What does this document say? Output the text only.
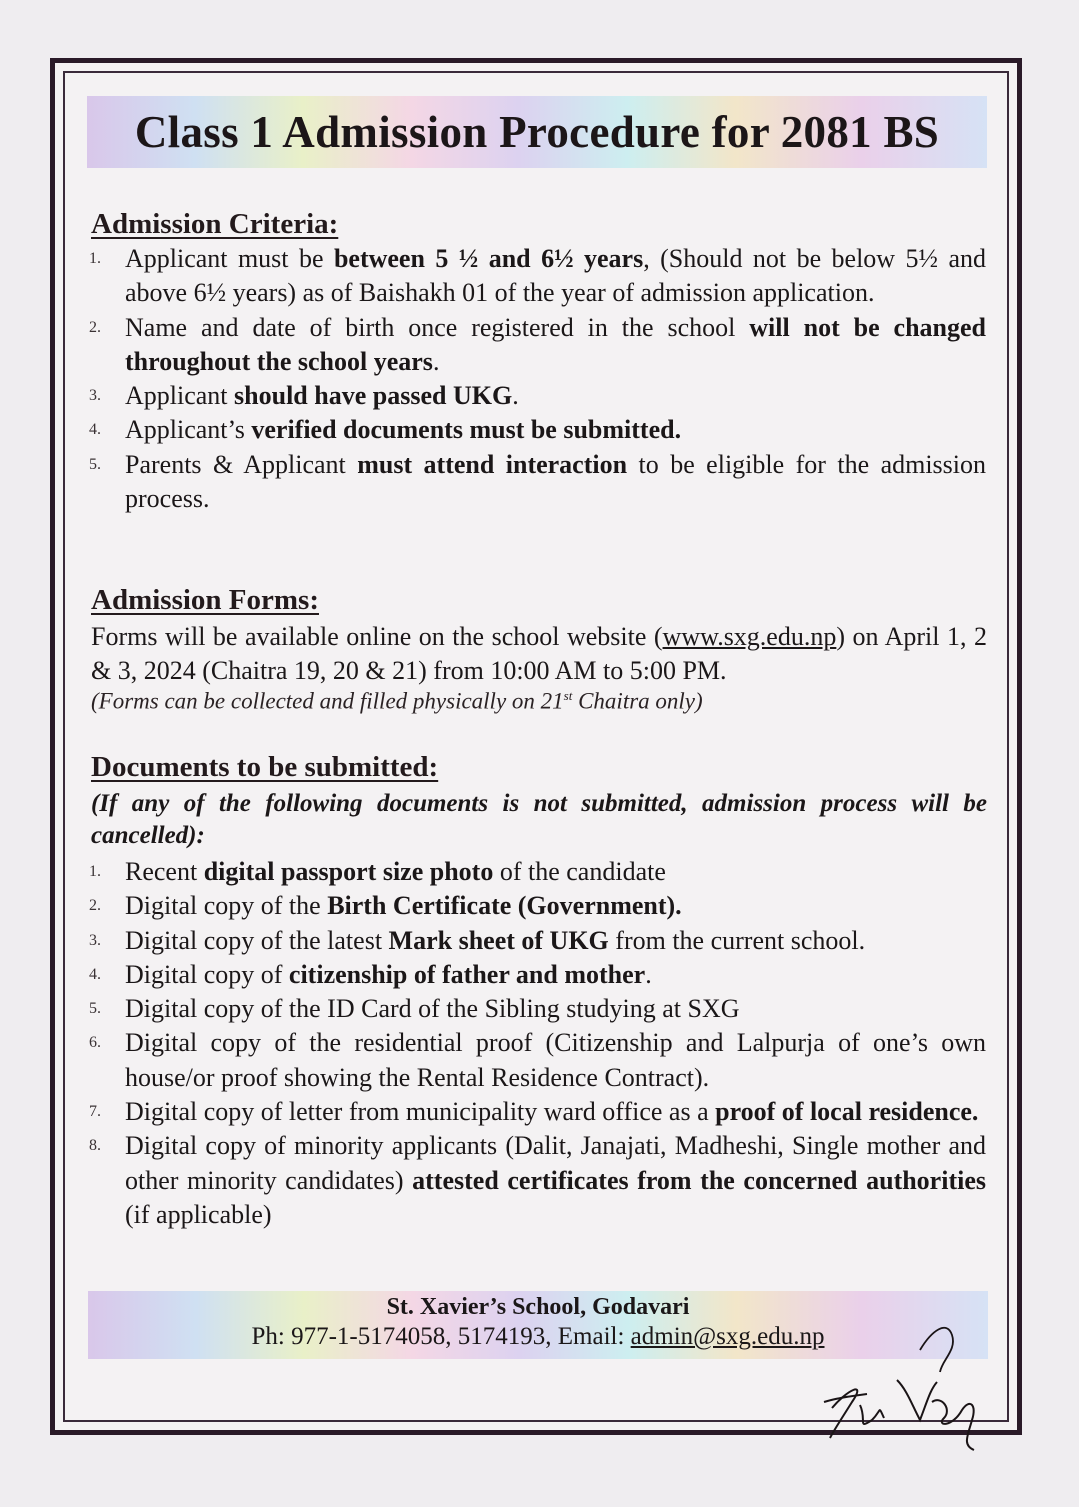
Class 1 Admission Procedure for 2081 BS
Admission Criteria:
1. Applicant must be between 5 ½ and 6½ years, (Should not be below 5½ and above 6½ years) as of Baishakh 01 of the year of admission application.
2. Name and date of birth once registered in the school will not be changed throughout the school years.
3. Applicant should have passed UKG.
4. Applicant’s verified documents must be submitted.
5. Parents & Applicant must attend interaction to be eligible for the admission process.
Admission Forms:

Forms will be available online on the school website (www.sxg.edu.np) on April 1, 2 & 3, 2024 (Chaitra 19, 20 & 21) from 10:00 AM to 5:00 PM.

(Forms can be collected and filled physically on 21st Chaitra only)

Documents to be submitted:

(If any of the following documents is not submitted, admission process will be cancelled):

1. Recent digital passport size photo of the candidate
2. Digital copy of the Birth Certificate (Government).
3. Digital copy of the latest Mark sheet of UKG from the current school.
4. Digital copy of citizenship of father and mother.
5. Digital copy of the ID Card of the Sibling studying at SXG
6. Digital copy of the residential proof (Citizenship and Lalpurja of one’s own house/or proof showing the Rental Residence Contract).
7. Digital copy of letter from municipality ward office as a proof of local residence.
8. Digital copy of minority applicants (Dalit, Janajati, Madheshi, Single mother and other minority candidates) attested certificates from the concerned authorities (if applicable)

St. Xavier’s School, Godavari

Ph: 977-1-5174058, 5174193, Email: admin@sxg.edu.np
